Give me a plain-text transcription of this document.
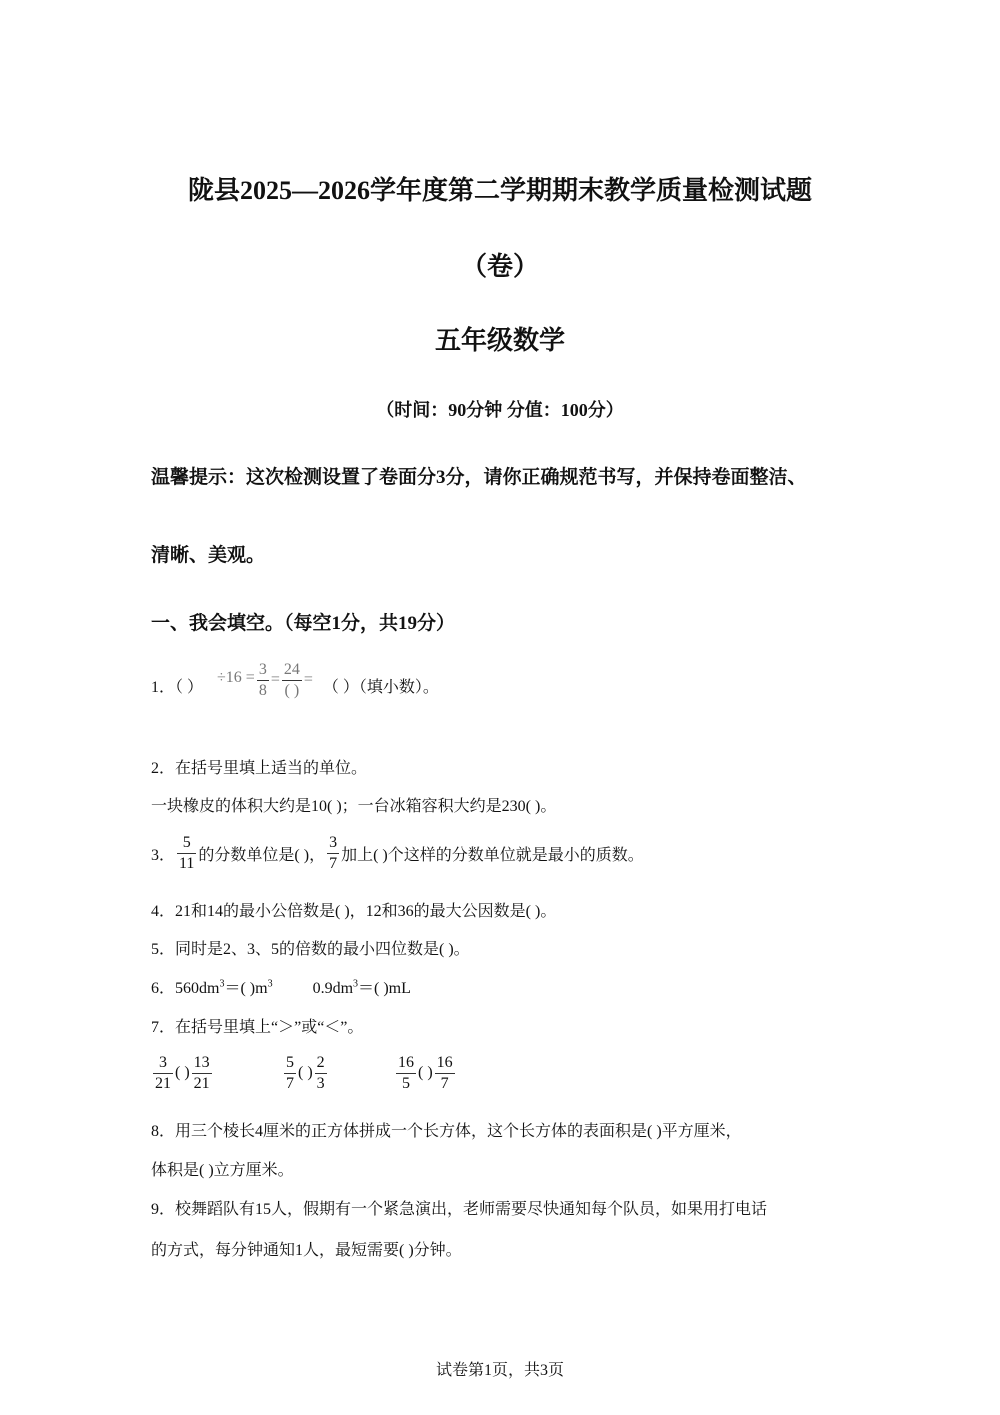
陇县2025—2026学年度第二学期期末教学质量检测试题
（卷）
五年级数学
（时间：90分钟 分值：100分）
温馨提示：这次检测设置了卷面分3分，请你正确规范书写，并保持卷面整洁、
清晰、美观。
一、我会填空。（每空1分，共19分）
1．（ ）
$\div 16 = \frac{3}{8} = \frac{24}{( )}$ = （ ）（填小数）。
2．在括号里填上适当的单位。
一块橡皮的体积大约是10( )；一台冰箱容积大约是230( )。
3． $\frac{5}{11}$ 的分数单位是( )， $\frac{3}{7}$ 加上( )个这样的分数单位就是最小的质数。
4．21和14的最小公倍数是( )，12和36的最大公因数是( )。
5．同时是2、3、5的倍数的最小四位数是( )。
6．$560dm^3=$( )$m^3$	$0.9dm^3=$( )mL
7．在括号里填上“＞”或“＜”。
$\frac{3}{21}$ ( ) $\frac{13}{21}$	$\frac{5}{7}$ ( ) $\frac{2}{3}$	$\frac{16}{5}$ ( ) $\frac{16}{7}$
8．用三个棱长4厘米的正方体拼成一个长方体，这个长方体的表面积是( )平方厘米，
体积是( )立方厘米。
9．校舞蹈队有15人，假期有一个紧急演出，老师需要尽快通知每个队员，如果用打电话
的方式，每分钟通知1人，最短需要( )分钟。
试卷第1页，共3页
